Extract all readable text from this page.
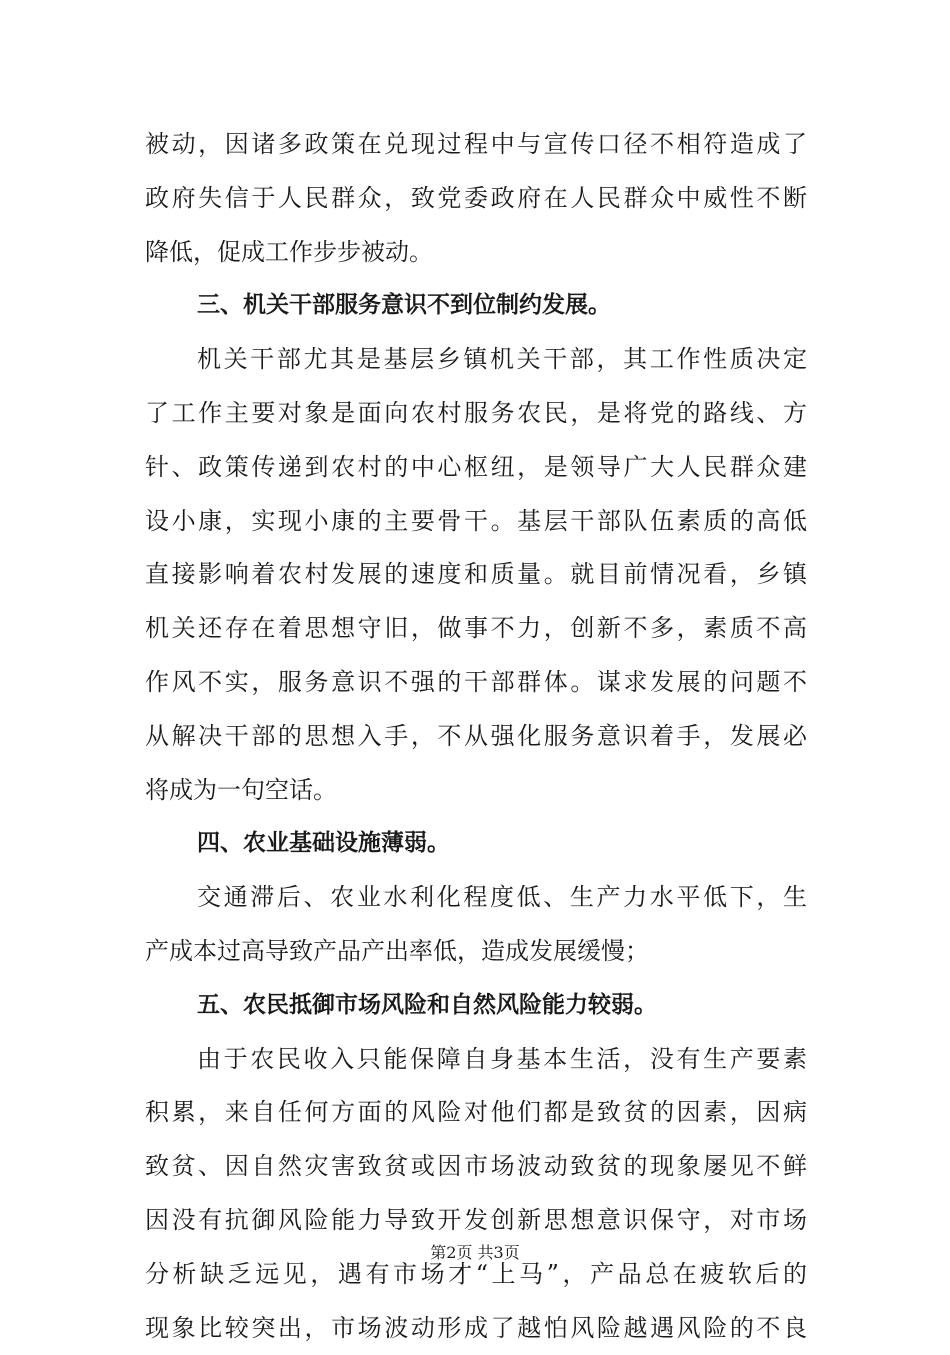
被动，因诸多政策在兑现过程中与宣传口径不相符造成了
政府失信于人民群众，致党委政府在人民群众中威性不断
降低，促成工作步步被动。
三、机关干部服务意识不到位制约发展。
机关干部尤其是基层乡镇机关干部，其工作性质决定
了工作主要对象是面向农村服务农民，是将党的路线、方
针、政策传递到农村的中心枢纽，是领导广大人民群众建
设小康，实现小康的主要骨干。基层干部队伍素质的高低
直接影响着农村发展的速度和质量。就目前情况看，乡镇
机关还存在着思想守旧，做事不力，创新不多，素质不高
作风不实，服务意识不强的干部群体。谋求发展的问题不
从解决干部的思想入手，不从强化服务意识着手，发展必
将成为一句空话。
四、农业基础设施薄弱。
交通滞后、农业水利化程度低、生产力水平低下，生
产成本过高导致产品产出率低，造成发展缓慢；
五、农民抵御市场风险和自然风险能力较弱。
由于农民收入只能保障自身基本生活，没有生产要素
积累，来自任何方面的风险对他们都是致贫的因素，因病
致贫、因自然灾害致贫或因市场波动致贫的现象屡见不鲜
因没有抗御风险能力导致开发创新思想意识保守，对市场
分析缺乏远见，遇有市场才“上马”，产品总在疲软后的
现象比较突出，市场波动形成了越怕风险越遇风险的不良
第2页 共3页
